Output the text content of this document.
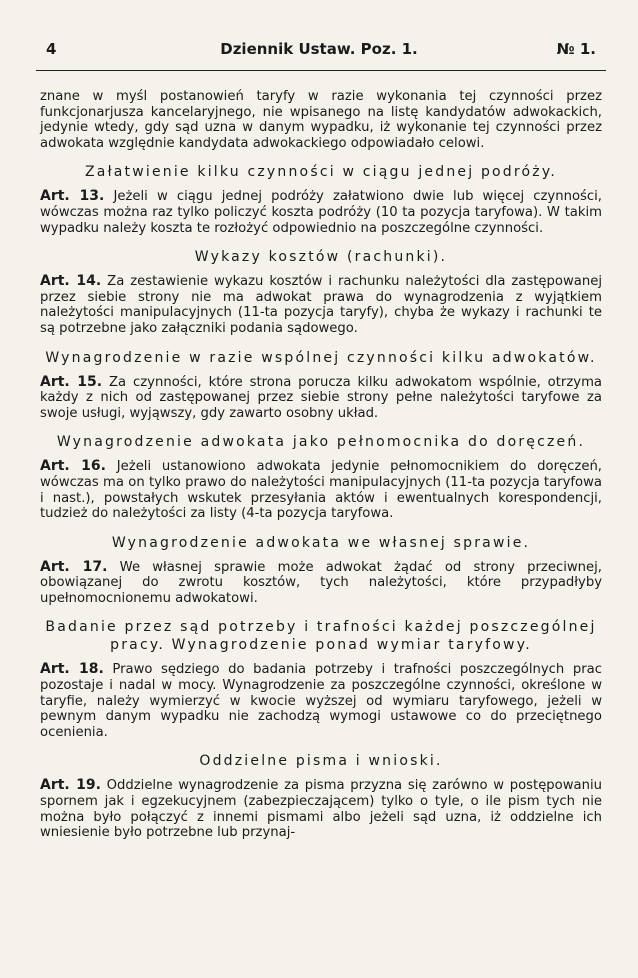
4	Dziennik Ustaw. Poz. 1.	№ 1.

znane w myśl postanowień taryfy w razie wykonania tej czynności przez funkcjonarjusza kancelaryjnego, nie wpisanego na listę kandydatów adwokackich, jedynie wtedy, gdy sąd uzna w danym wypadku, iż wykonanie tej czynności przez adwokata względnie kandydata adwokackiego odpowiadało celowi.

Załatwienie kilku czynności w ciągu jednej podróży.

Art. 13. Jeżeli w ciągu jednej podróży załatwiono dwie lub więcej czynności, wówczas można raz tylko policzyć koszta podróży (10 ta pozycja taryfowa). W takim wypadku należy koszta te rozłożyć odpowiednio na poszczególne czynności.

Wykazy kosztów (rachunki).

Art. 14. Za zestawienie wykazu kosztów i rachunku należytości dla zastępowanej przez siebie strony nie ma adwokat prawa do wynagrodzenia z wyjątkiem należytości manipulacyjnych (11-ta pozycja taryfy), chyba że wykazy i rachunki te są potrzebne jako załączniki podania sądowego.

Wynagrodzenie w razie wspólnej czynności kilku adwokatów.

Art. 15. Za czynności, które strona porucza kilku adwokatom wspólnie, otrzyma każdy z nich od zastępowanej przez siebie strony pełne należytości taryfowe za swoje usługi, wyjąwszy, gdy zawarto osobny układ.

Wynagrodzenie adwokata jako pełnomocnika do doręczeń.

Art. 16. Jeżeli ustanowiono adwokata jedynie pełnomocnikiem do doręczeń, wówczas ma on tylko prawo do należytości manipulacyjnych (11-ta pozycja taryfowa i nast.), powstałych wskutek przesyłania aktów i ewentualnych korespondencji, tudzież do należytości za listy (4-ta pozycja taryfowa.

Wynagrodzenie adwokata we własnej sprawie.

Art. 17. We własnej sprawie może adwokat żądać od strony przeciwnej, obowiązanej do zwrotu kosztów, tych należytości, które przypadłyby upełnomocnionemu adwokatowi.

Badanie przez sąd potrzeby i trafności każdej poszczególnej pracy. Wynagrodzenie ponad wymiar taryfowy.

Art. 18. Prawo sędziego do badania potrzeby i trafności poszczególnych prac pozostaje i nadal w mocy. Wynagrodzenie za poszczególne czynności, określone w taryfie, należy wymierzyć w kwocie wyższej od wymiaru taryfowego, jeżeli w pewnym danym wypadku nie zachodzą wymogi ustawowe co do przeciętnego ocenienia.

Oddzielne pisma i wnioski.

Art. 19. Oddzielne wynagrodzenie za pisma przyzna się zarówno w postępowaniu spornem jak i egzekucyjnem (zabezpieczającem) tylko o tyle, o ile pism tych nie można było połączyć z innemi pismami albo jeżeli sąd uzna, iż oddzielne ich wniesienie było potrzebne lub przynaj-
